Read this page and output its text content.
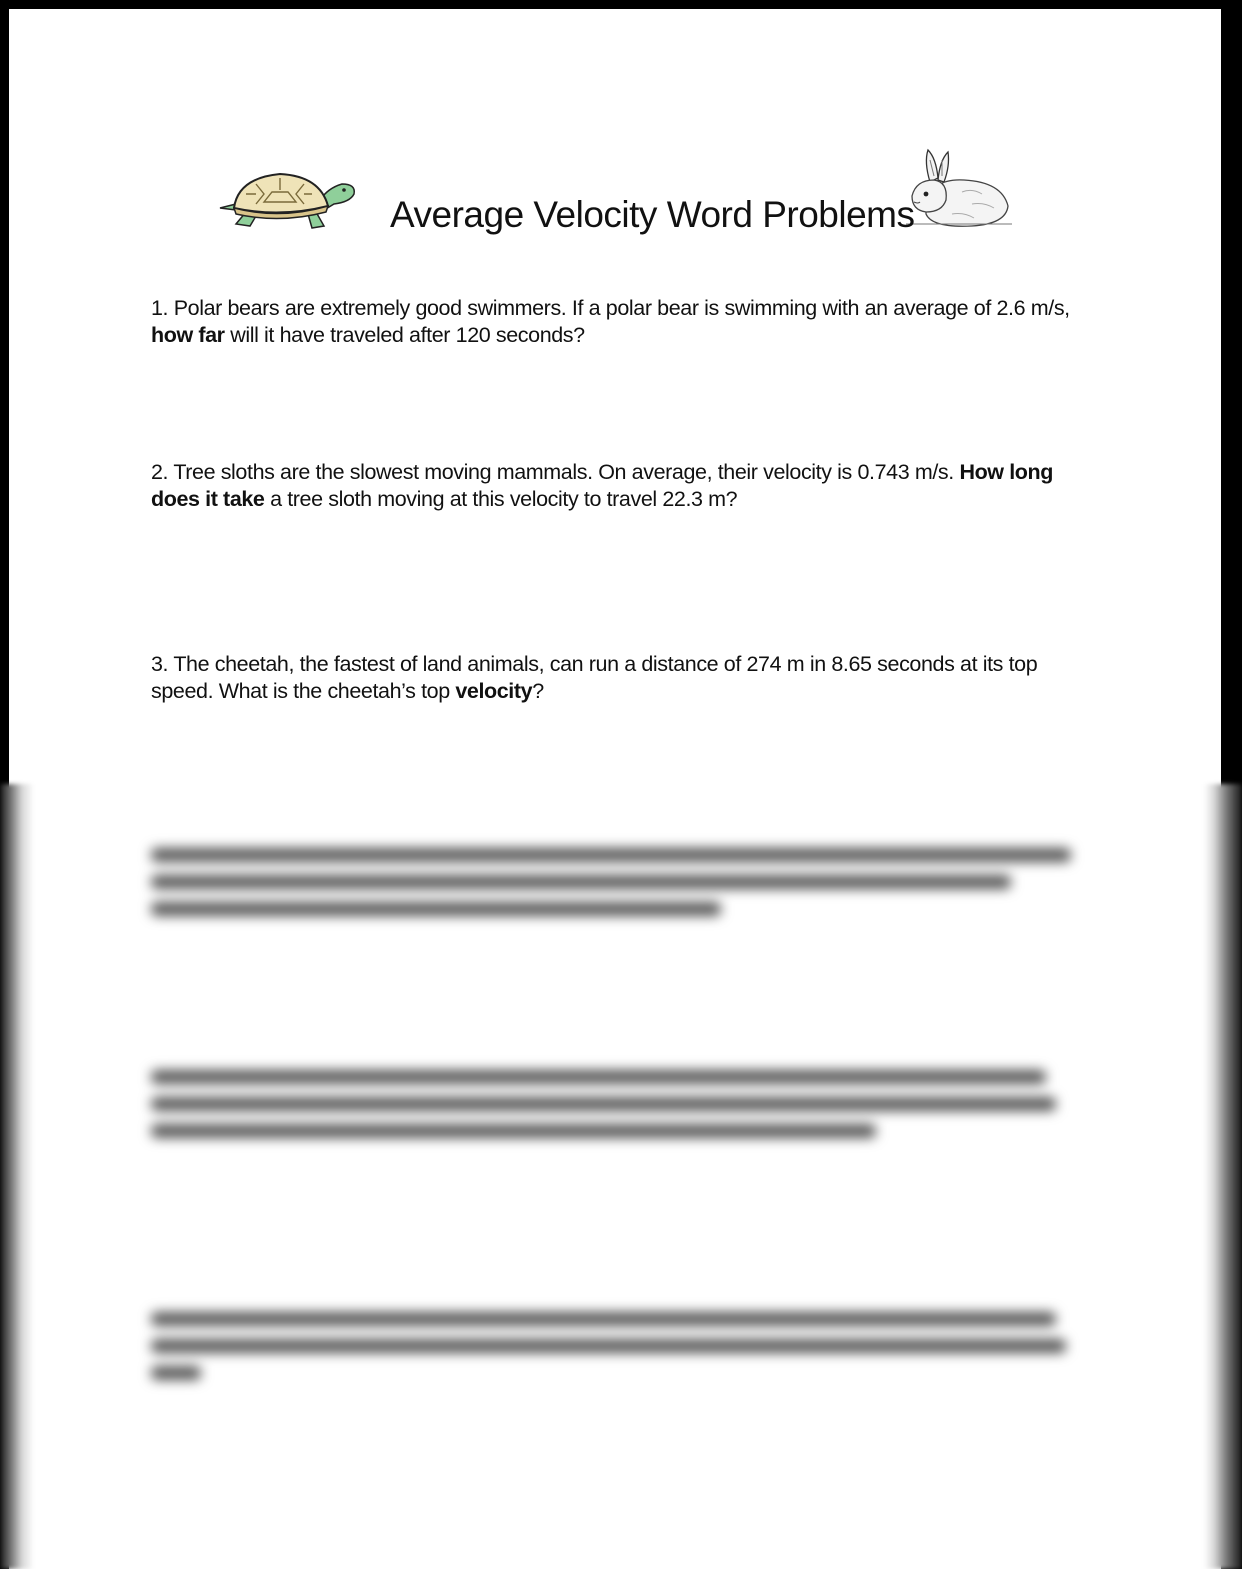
Average Velocity Word Problems

1. Polar bears are extremely good swimmers. If a polar bear is swimming with an average of 2.6 m/s, how far will it have traveled after 120 seconds?

2. Tree sloths are the slowest moving mammals. On average, their velocity is 0.743 m/s. How long does it take a tree sloth moving at this velocity to travel 22.3 m?

3. The cheetah, the fastest of land animals, can run a distance of 274 m in 8.65 seconds at its top speed. What is the cheetah’s top velocity?
